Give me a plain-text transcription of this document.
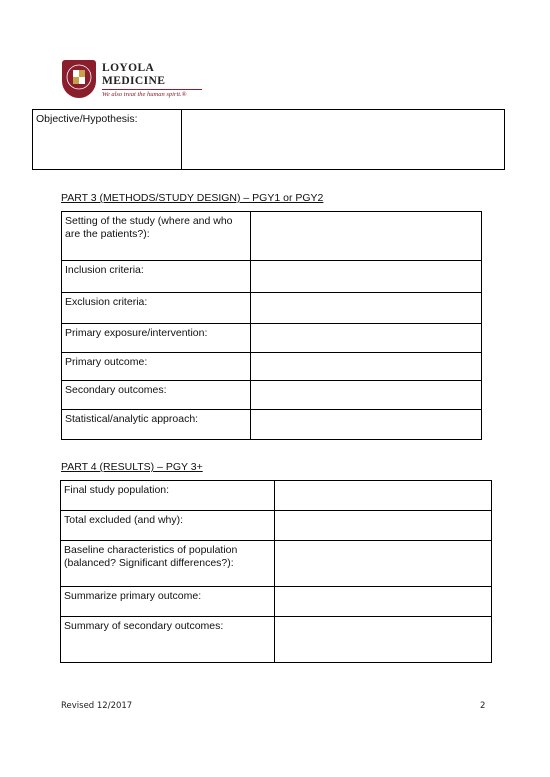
LOYOLA
MEDICINE
We also treat the human spirit.®
Objective/Hypothesis:	
PART 3 (METHODS/STUDY DESIGN) – PGY1 or PGY2
Setting of the study (where and who are the patients?):	
Inclusion criteria:	
Exclusion criteria:	
Primary exposure/intervention:	
Primary outcome:	
Secondary outcomes:	
Statistical/analytic approach:	
PART 4 (RESULTS) – PGY 3+
Final study population:	
Total excluded (and why):	
Baseline characteristics of population (balanced? Significant differences?):	
Summarize primary outcome:	
Summary of secondary outcomes:	
Revised 12/2017	2
